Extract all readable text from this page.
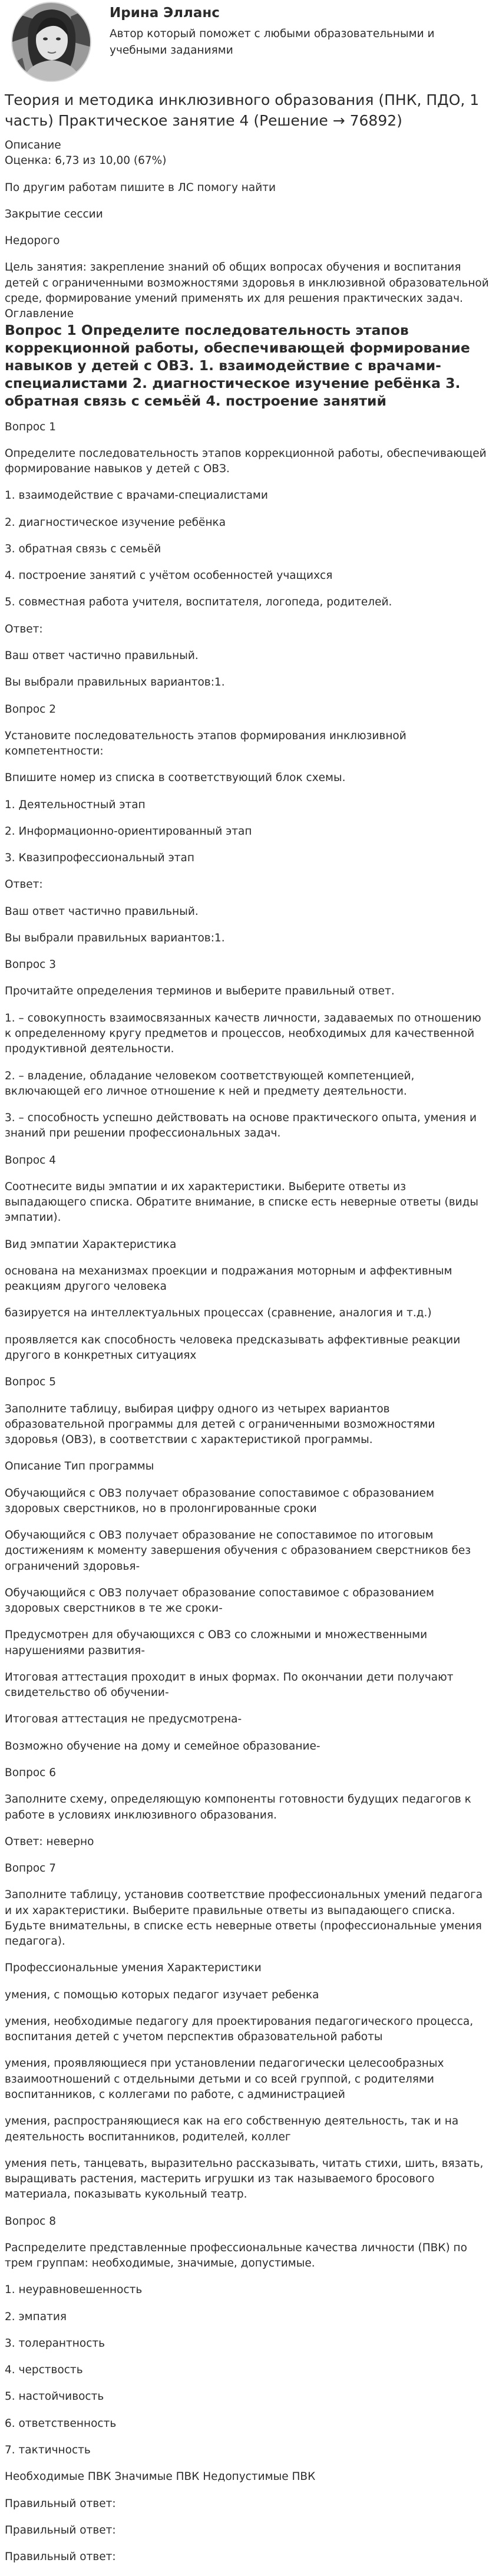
Ирина Элланс
Автор который поможет с любыми образовательными и учебными заданиями
Теория и методика инклюзивного образования (ПНК, ПДО, 1 часть) Практическое занятие 4 (Решение → 76892)
Описание

Оценка: 6,73 из 10,00 (67%)

По другим работам пишите в ЛС помогу найти

Закрытие сессии

Недорого

Цель занятия: закрепление знаний об общих вопросах обучения и воспитания детей с ограниченными возможностями здоровья в инклюзивной образовательной среде, формирование умений применять их для решения практических задач.

Оглавление
Вопрос 1 Определите последовательность этапов коррекционной работы, обеспечивающей формирование навыков у детей с ОВЗ. 1. взаимодействие с врачами-специалистами 2. диагностическое изучение ребёнка 3. обратная связь с семьёй 4. построение занятий

Вопрос 1

Определите последовательность этапов коррекционной работы, обеспечивающей формирование навыков у детей с ОВЗ.

1. взаимодействие с врачами-специалистами

2. диагностическое изучение ребёнка

3. обратная связь с семьёй

4. построение занятий с учётом особенностей учащихся

5. совместная работа учителя, воспитателя, логопеда, родителей.

Ответ:

Ваш ответ частично правильный.

Вы выбрали правильных вариантов:1.

Вопрос 2

Установите последовательность этапов формирования инклюзивной компетентности:

Впишите номер из списка в соответствующий блок схемы.

1. Деятельностный этап

2. Информационно-ориентированный этап

3. Квазипрофессиональный этап

Ответ:

Ваш ответ частично правильный.

Вы выбрали правильных вариантов:1.

Вопрос 3

Прочитайте определения терминов и выберите правильный ответ.

1. – совокупность взаимосвязанных качеств личности, задаваемых по отношению к определенному кругу предметов и процессов, необходимых для качественной продуктивной деятельности.

2. – владение, обладание человеком соответствующей компетенцией, включающей его личное отношение к ней и предмету деятельности.

3. – способность успешно действовать на основе практического опыта, умения и знаний при решении профессиональных задач.

Вопрос 4

Соотнесите виды эмпатии и их характеристики. Выберите ответы из выпадающего списка. Обратите внимание, в списке есть неверные ответы (виды эмпатии).

Вид эмпатии Характеристика

основана на механизмах проекции и подражания моторным и аффективным реакциям другого человека

базируется на интеллектуальных процессах (сравнение, аналогия и т.д.)

проявляется как способность человека предсказывать аффективные реакции другого в конкретных ситуациях

Вопрос 5

Заполните таблицу, выбирая цифру одного из четырех вариантов образовательной программы для детей с ограниченными возможностями здоровья (ОВЗ), в соответствии с характеристикой программы.

Описание Тип программы

Обучающийся с ОВЗ получает образование сопоставимое с образованием здоровых сверстников, но в пролонгированные сроки

Обучающийся с ОВЗ получает образование не сопоставимое по итоговым достижениям к моменту завершения обучения с образованием сверстников без ограничений здоровья-

Обучающийся с ОВЗ получает образование сопоставимое с образованием здоровых сверстников в те же сроки-

Предусмотрен для обучающихся с ОВЗ со сложными и множественными нарушениями развития-

Итоговая аттестация проходит в иных формах. По окончании дети получают свидетельство об обучении-

Итоговая аттестация не предусмотрена-

Возможно обучение на дому и семейное образование-

Вопрос 6

Заполните схему, определяющую компоненты готовности будущих педагогов к работе в условиях инклюзивного образования.

Ответ: неверно

Вопрос 7

Заполните таблицу, установив соответствие профессиональных умений педагога и их характеристики. Выберите правильные ответы из выпадающего списка. Будьте внимательны, в списке есть неверные ответы (профессиональные умения педагога).

Профессиональные умения Характеристики

умения, с помощью которых педагог изучает ребенка

умения, необходимые педагогу для проектирования педагогического процесса, воспитания детей с учетом перспектив образовательной работы

умения, проявляющиеся при установлении педагогически целесообразных взаимоотношений с отдельными детьми и со всей группой, с родителями воспитанников, с коллегами по работе, с администрацией

умения, распространяющиеся как на его собственную деятельность, так и на деятельность воспитанников, родителей, коллег

умения петь, танцевать, выразительно рассказывать, читать стихи, шить, вязать, выращивать растения, мастерить игрушки из так называемого бросового материала, показывать кукольный театр.

Вопрос 8

Распределите представленные профессиональные качества личности (ПВК) по трем группам: необходимые, значимые, допустимые.

1. неуравновешенность

2. эмпатия

3. толерантность

4. черствость

5. настойчивость

6. ответственность

7. тактичность

Необходимые ПВК Значимые ПВК Недопустимые ПВК

Правильный ответ:

Правильный ответ:

Правильный ответ:
